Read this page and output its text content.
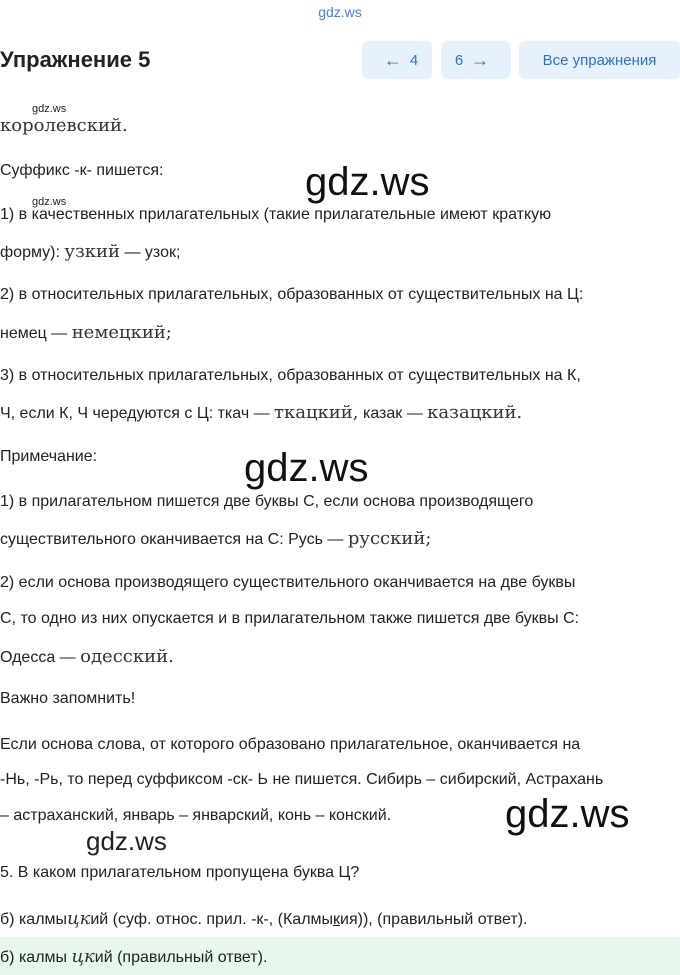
gdz.ws
Упражнение 5	← 4 6 →	Все упражнения
королевский.
Суффикс -к- пишется:
1) в качественных прилагательных (такие прилагательные имеют краткую
форму): узкий — узок;
2) в относительных прилагательных, образованных от существительных на Ц:
немец — немецкий;
3) в относительных прилагательных, образованных от существительных на К,
Ч, если К, Ч чередуются с Ц: ткач — ткацкий, казак — казацкий.
Примечание:
1) в прилагательном пишется две буквы С, если основа производящего
существительного оканчивается на С: Русь — русский;
2) если основа производящего существительного оканчивается на две буквы
С, то одно из них опускается и в прилагательном также пишется две буквы С:
Одесса — одесский.
Важно запомнить!
Если основа слова, от которого образовано прилагательное, оканчивается на
-Нь, -Рь, то перед суффиксом -ск- Ь не пишется. Сибирь – сибирский, Астрахань
– астраханский, январь – январский, конь – конский.
5. В каком прилагательном пропущена буква Ц?
б) калмыцкий (суф. относ. прил. -к-, (Калмыкия)), (правильный ответ).
б) калмы цкий (правильный ответ).
gdz.ws
gdz.ws	gdz.ws
gdz.ws
gdz.ws
gdz.ws
